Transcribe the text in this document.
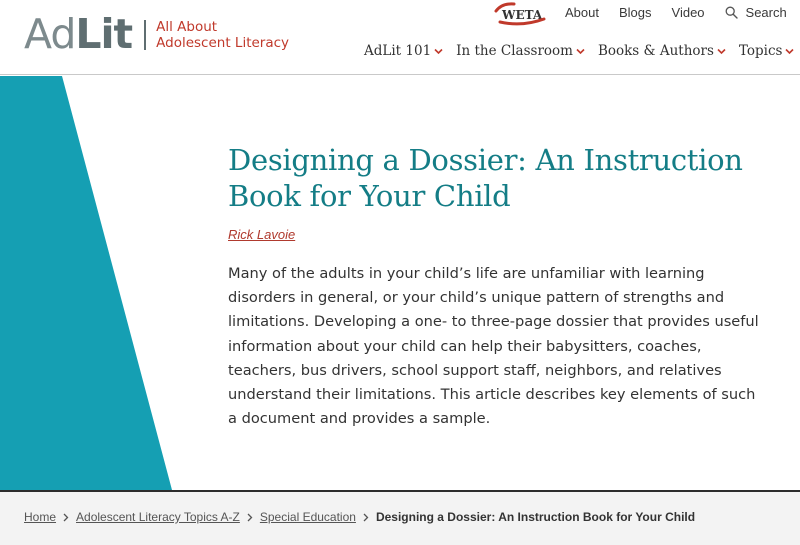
AdLit All About
Adolescent Literacy
WETA About Blogs Video	Search
AdLit 101 In the Classroom Books & Authors Topics
Designing a Dossier: An Instruction Book for Your Child
Rick Lavoie

Many of the adults in your child’s life are unfamiliar with learning disorders in general, or your child’s unique pattern of strengths and limitations. Developing a one- to three-page dossier that provides useful information about your child can help their babysitters, coaches, teachers, bus drivers, school support staff, neighbors, and relatives understand their limitations. This article describes key elements of such a document and provides a sample.

Home Adolescent Literacy Topics A-Z Special Education Designing a Dossier: An Instruction Book for Your Child
